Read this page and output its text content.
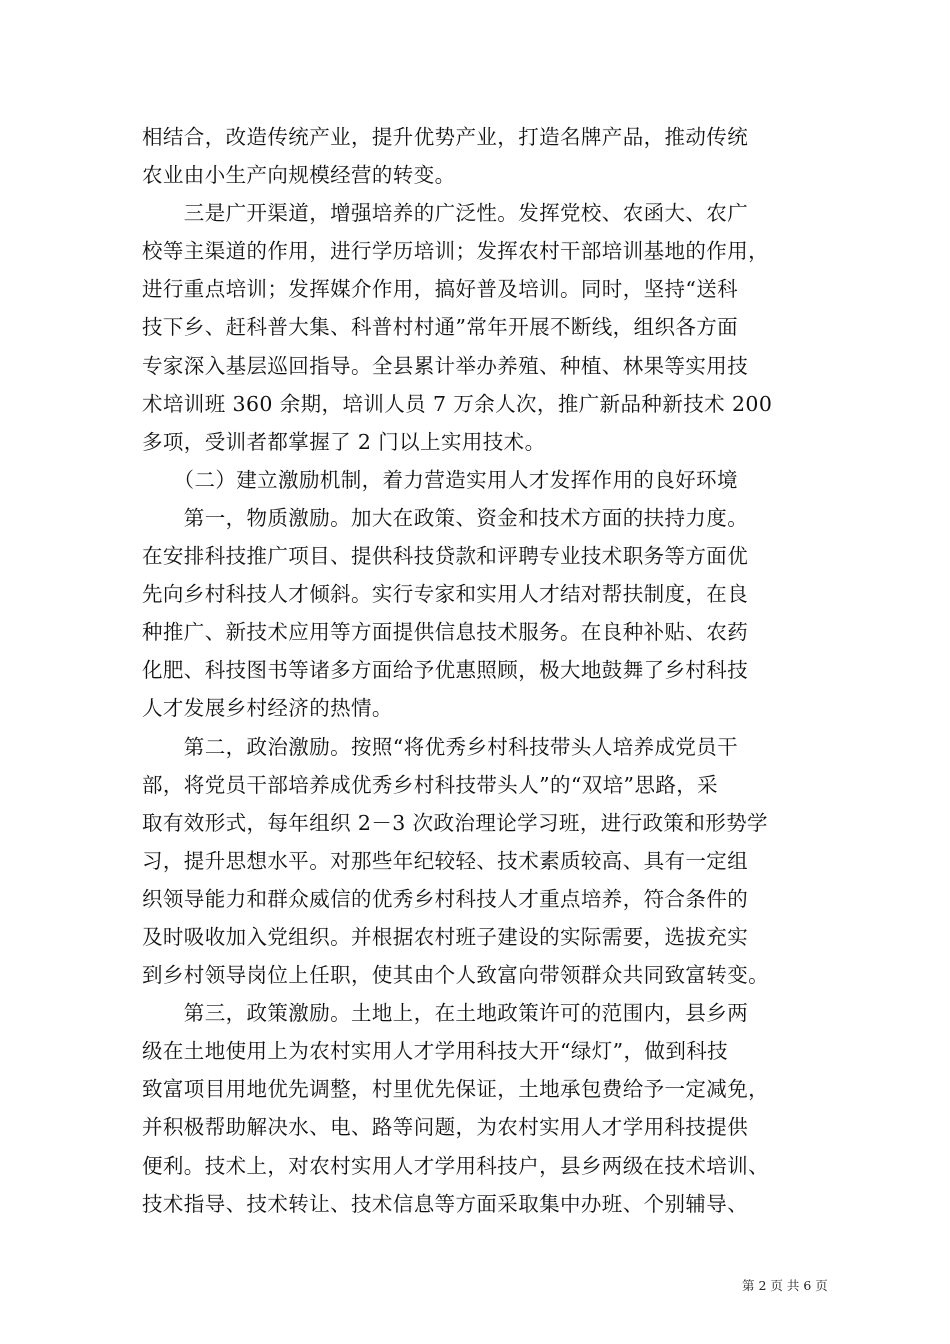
相结合，改造传统产业，提升优势产业，打造名牌产品，推动传统
农业由小生产向规模经营的转变。
　　三是广开渠道，增强培养的广泛性。发挥党校、农函大、农广
校等主渠道的作用，进行学历培训；发挥农村干部培训基地的作用，
进行重点培训；发挥媒介作用，搞好普及培训。同时，坚持“送科
技下乡、赶科普大集、科普村村通”常年开展不断线，组织各方面
专家深入基层巡回指导。全县累计举办养殖、种植、林果等实用技
术培训班 360 余期，培训人员 7 万余人次，推广新品种新技术 200
多项，受训者都掌握了 2 门以上实用技术。
　　（二）建立激励机制，着力营造实用人才发挥作用的良好环境
　　第一，物质激励。加大在政策、资金和技术方面的扶持力度。
在安排科技推广项目、提供科技贷款和评聘专业技术职务等方面优
先向乡村科技人才倾斜。实行专家和实用人才结对帮扶制度，在良
种推广、新技术应用等方面提供信息技术服务。在良种补贴、农药
化肥、科技图书等诸多方面给予优惠照顾，极大地鼓舞了乡村科技
人才发展乡村经济的热情。
　　第二，政治激励。按照“将优秀乡村科技带头人培养成党员干
部，将党员干部培养成优秀乡村科技带头人”的“双培”思路，采
取有效形式，每年组织 2－3 次政治理论学习班，进行政策和形势学
习，提升思想水平。对那些年纪较轻、技术素质较高、具有一定组
织领导能力和群众威信的优秀乡村科技人才重点培养，符合条件的
及时吸收加入党组织。并根据农村班子建设的实际需要，选拔充实
到乡村领导岗位上任职，使其由个人致富向带领群众共同致富转变。
　　第三，政策激励。土地上，在土地政策许可的范围内，县乡两
级在土地使用上为农村实用人才学用科技大开“绿灯”，做到科技
致富项目用地优先调整，村里优先保证，土地承包费给予一定减免，
并积极帮助解决水、电、路等问题，为农村实用人才学用科技提供
便利。技术上，对农村实用人才学用科技户，县乡两级在技术培训、
技术指导、技术转让、技术信息等方面采取集中办班、个别辅导、
第 2 页 共 6 页
